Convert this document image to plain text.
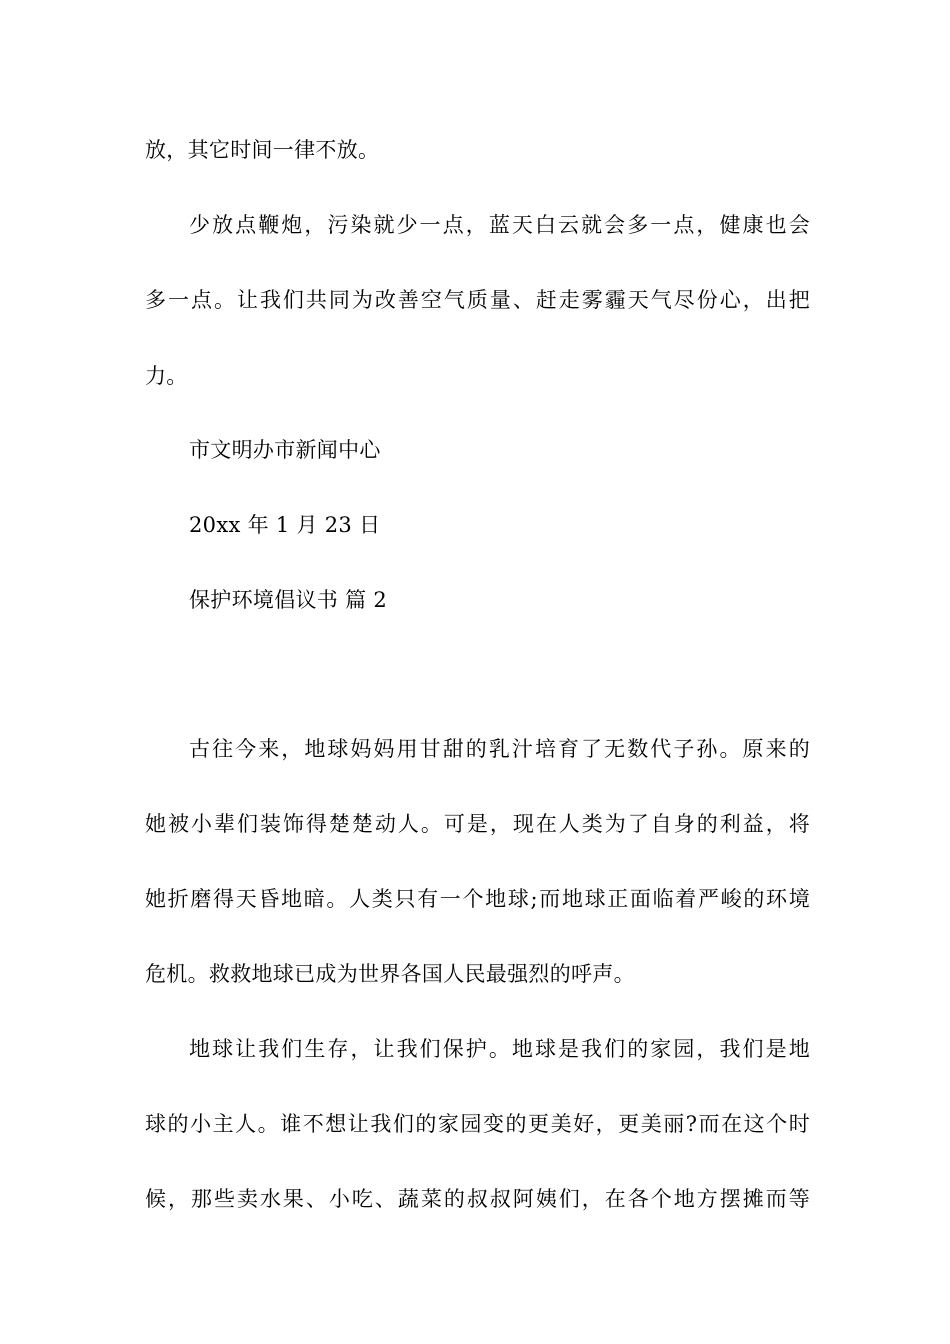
放，其它时间一律不放。

少放点鞭炮，污染就少一点，蓝天白云就会多一点，健康也会

多一点。让我们共同为改善空气质量、赶走雾霾天气尽份心，出把

力。

市文明办市新闻中心

20xx 年 1 月 23 日

保护环境倡议书 篇 2

古往今来，地球妈妈用甘甜的乳汁培育了无数代子孙。原来的

她被小辈们装饰得楚楚动人。可是，现在人类为了自身的利益，将

她折磨得天昏地暗。人类只有一个地球;而地球正面临着严峻的环境

危机。救救地球已成为世界各国人民最强烈的呼声。

地球让我们生存，让我们保护。地球是我们的家园，我们是地

球的小主人。谁不想让我们的家园变的更美好，更美丽?而在这个时

候，那些卖水果、小吃、蔬菜的叔叔阿姨们，在各个地方摆摊而等
